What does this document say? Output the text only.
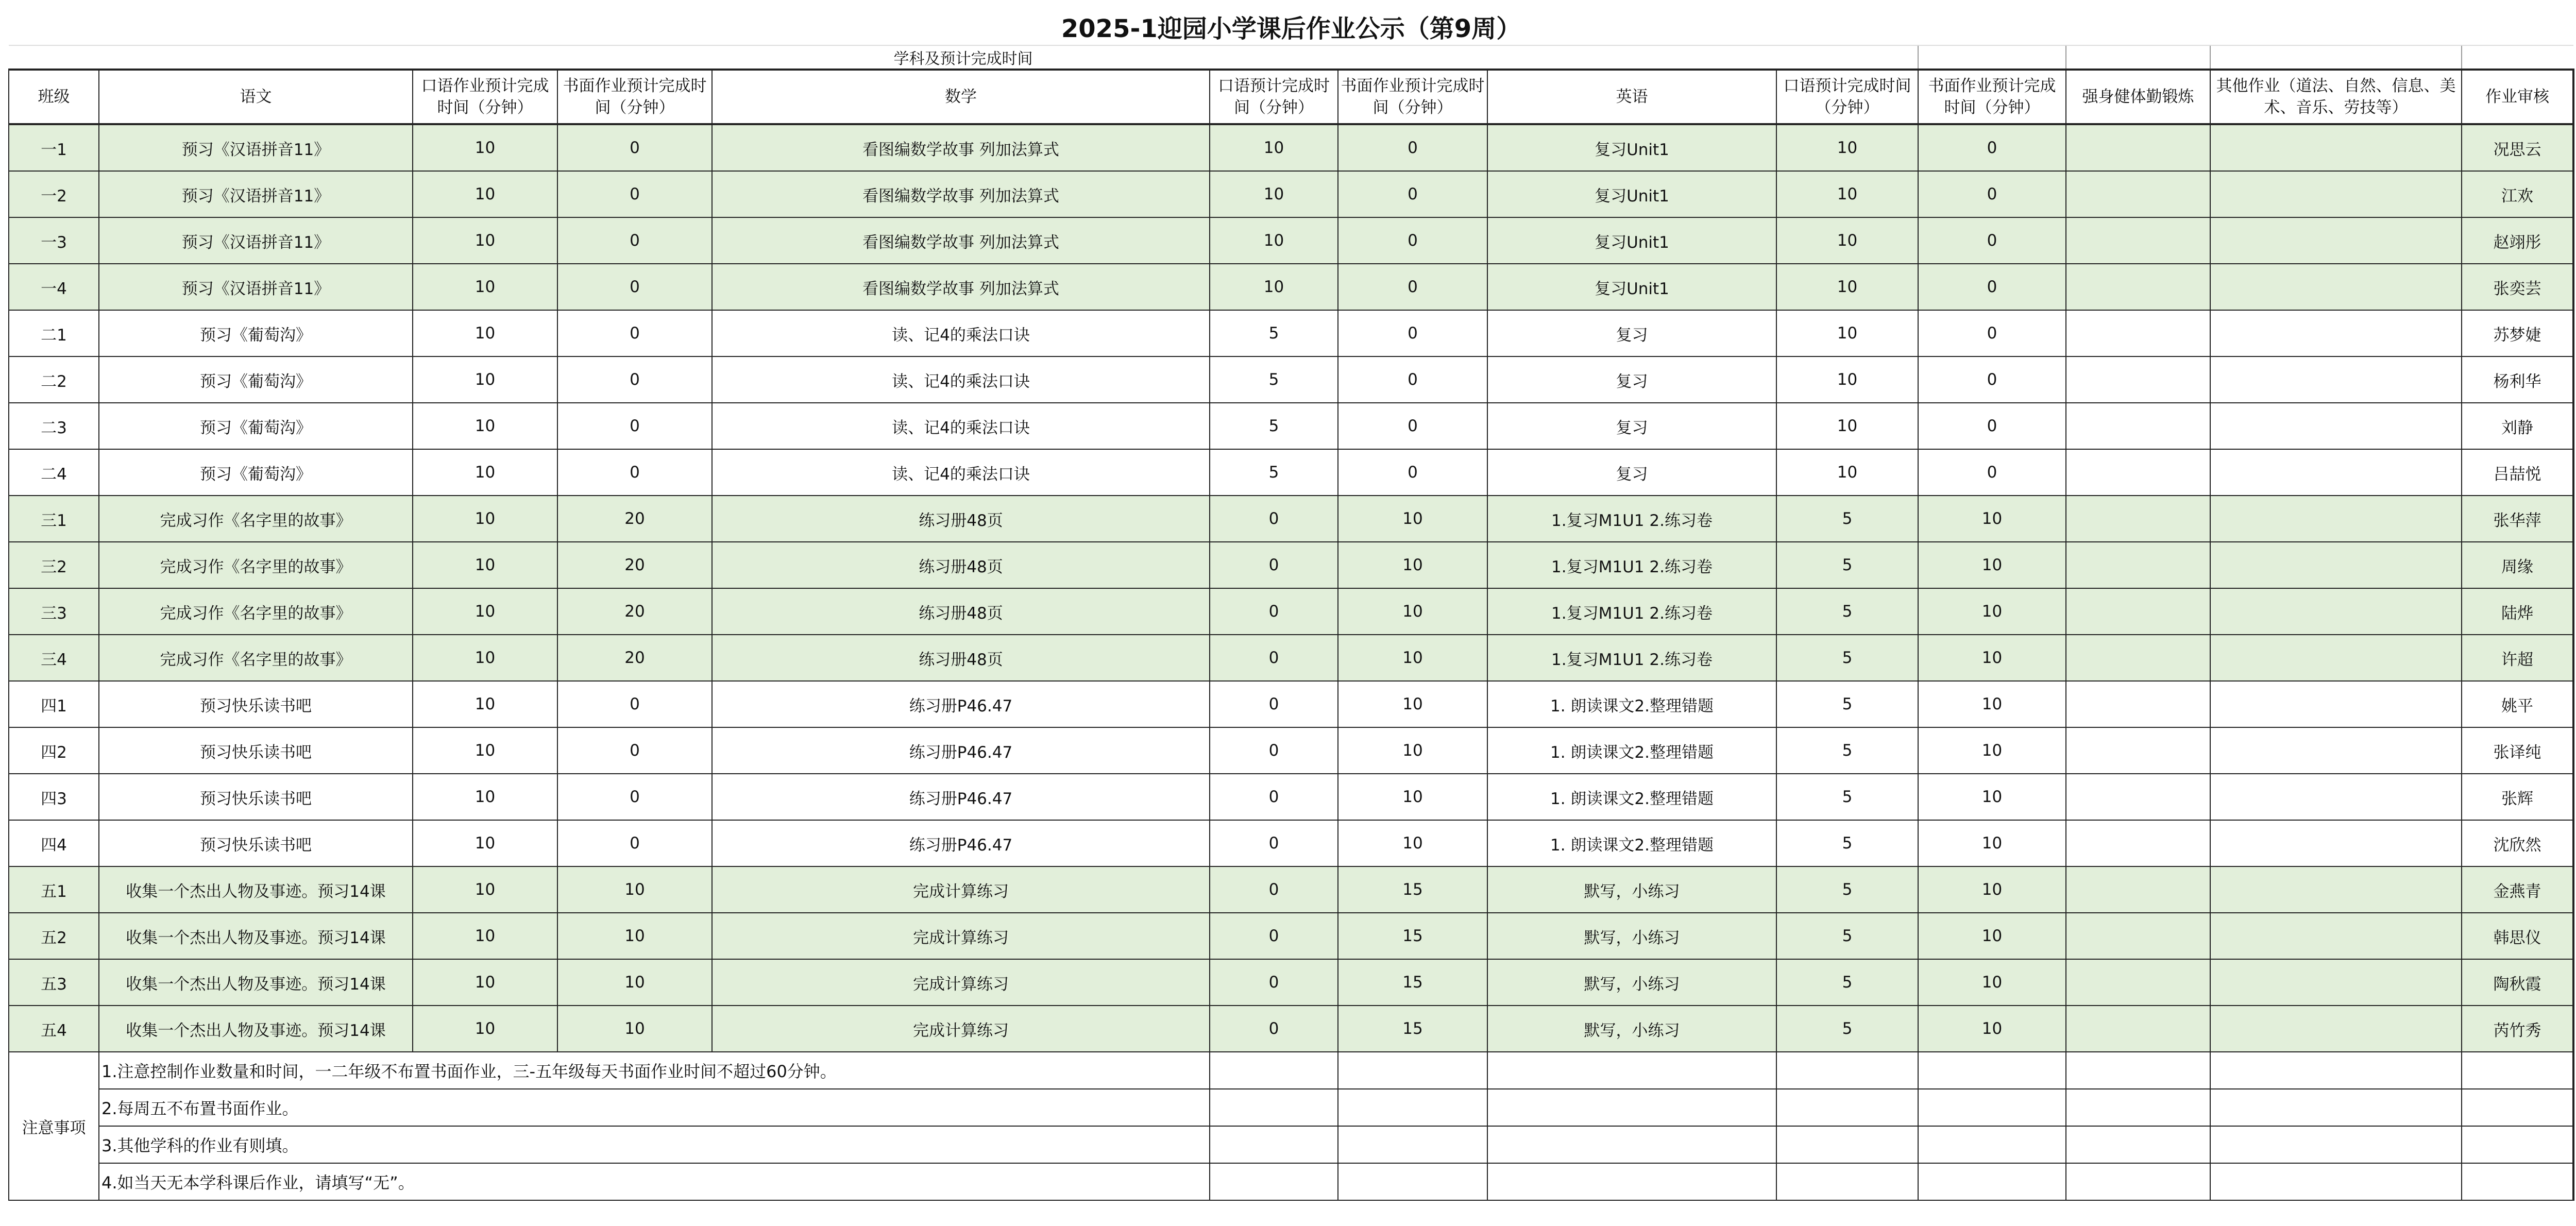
2025-1迎园小学课后作业公示（第9周）												
学科及预计完成时间												
班级	语文	口语作业预计完成时间（分钟）	书面作业预计完成时间（分钟）	数学	口语预计完成时间（分钟）	书面作业预计完成时间（分钟）	英语	口语预计完成时间（分钟）	书面作业预计完成时间（分钟）	强身健体勤锻炼	其他作业（道法、自然、信息、美术、音乐、劳技等）	作业审核
一1	预习《汉语拼音11》	10	0	看图编数学故事 列加法算式	10	0	复习Unit1	10	0			况思云
一2	预习《汉语拼音11》	10	0	看图编数学故事 列加法算式	10	0	复习Unit1	10	0			江欢
一3	预习《汉语拼音11》	10	0	看图编数学故事 列加法算式	10	0	复习Unit1	10	0			赵翊彤
一4	预习《汉语拼音11》	10	0	看图编数学故事 列加法算式	10	0	复习Unit1	10	0			张奕芸
二1	预习《葡萄沟》	10	0	读、记4的乘法口诀	5	0	复习	10	0			苏梦婕
二2	预习《葡萄沟》	10	0	读、记4的乘法口诀	5	0	复习	10	0			杨利华
二3	预习《葡萄沟》	10	0	读、记4的乘法口诀	5	0	复习	10	0			刘静
二4	预习《葡萄沟》	10	0	读、记4的乘法口诀	5	0	复习	10	0			吕喆悦
三1	完成习作《名字里的故事》	10	20	练习册48页	0	10	1.复习M1U1 2.练习卷	5	10			张华萍
三2	完成习作《名字里的故事》	10	20	练习册48页	0	10	1.复习M1U1 2.练习卷	5	10			周缘
三3	完成习作《名字里的故事》	10	20	练习册48页	0	10	1.复习M1U1 2.练习卷	5	10			陆烨
三4	完成习作《名字里的故事》	10	20	练习册48页	0	10	1.复习M1U1 2.练习卷	5	10			许超
四1	预习快乐读书吧	10	0	练习册P46.47	0	10	1. 朗读课文2.整理错题	5	10			姚平
四2	预习快乐读书吧	10	0	练习册P46.47	0	10	1. 朗读课文2.整理错题	5	10			张译纯
四3	预习快乐读书吧	10	0	练习册P46.47	0	10	1. 朗读课文2.整理错题	5	10			张辉
四4	预习快乐读书吧	10	0	练习册P46.47	0	10	1. 朗读课文2.整理错题	5	10			沈欣然
五1	收集一个杰出人物及事迹。预习14课	10	10	完成计算练习	0	15	默写，小练习	5	10			金燕青
五2	收集一个杰出人物及事迹。预习14课	10	10	完成计算练习	0	15	默写，小练习	5	10			韩思仪
五3	收集一个杰出人物及事迹。预习14课	10	10	完成计算练习	0	15	默写，小练习	5	10			陶秋霞
五4	收集一个杰出人物及事迹。预习14课	10	10	完成计算练习	0	15	默写，小练习	5	10			芮竹秀
注意事项	1.注意控制作业数量和时间，一二年级不布置书面作业，三-五年级每天书面作业时间不超过60分钟。											
	2.每周五不布置书面作业。											
	3.其他学科的作业有则填。											
	4.如当天无本学科课后作业，请填写“无”。											
